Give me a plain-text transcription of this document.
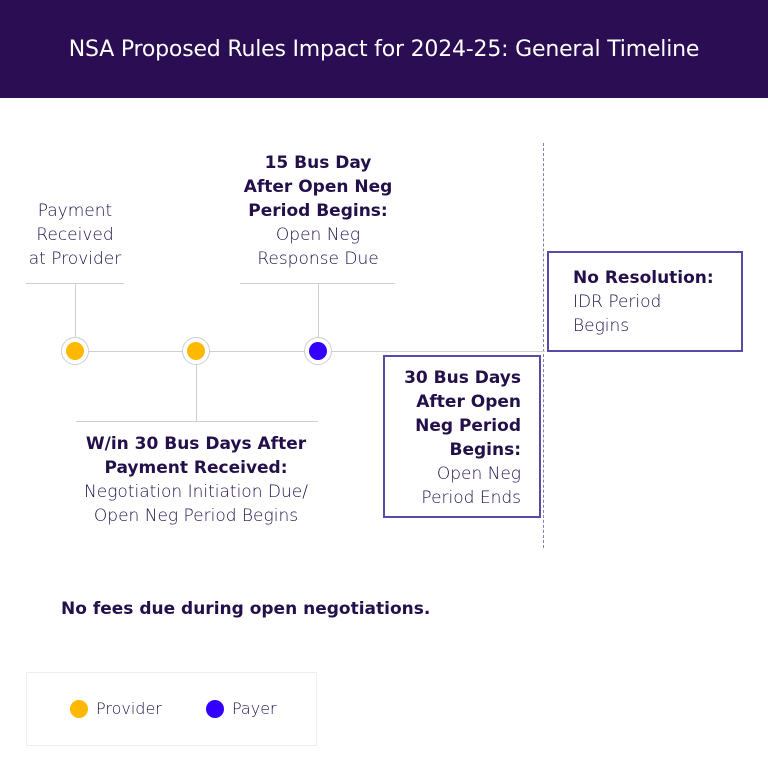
NSA Proposed Rules Impact for 2024-25: General Timeline
Payment
Received
at Provider
15 Bus Day
After Open Neg
Period Begins:
Open Neg
Response Due
W/in 30 Bus Days After
Payment Received:
Negotiation Initiation Due/
Open Neg Period Begins
30 Bus Days
After Open
Neg Period
Begins:
Open Neg
Period Ends
No Resolution:
IDR Period
Begins
No fees due during open negotiations.
Provider	Payer
